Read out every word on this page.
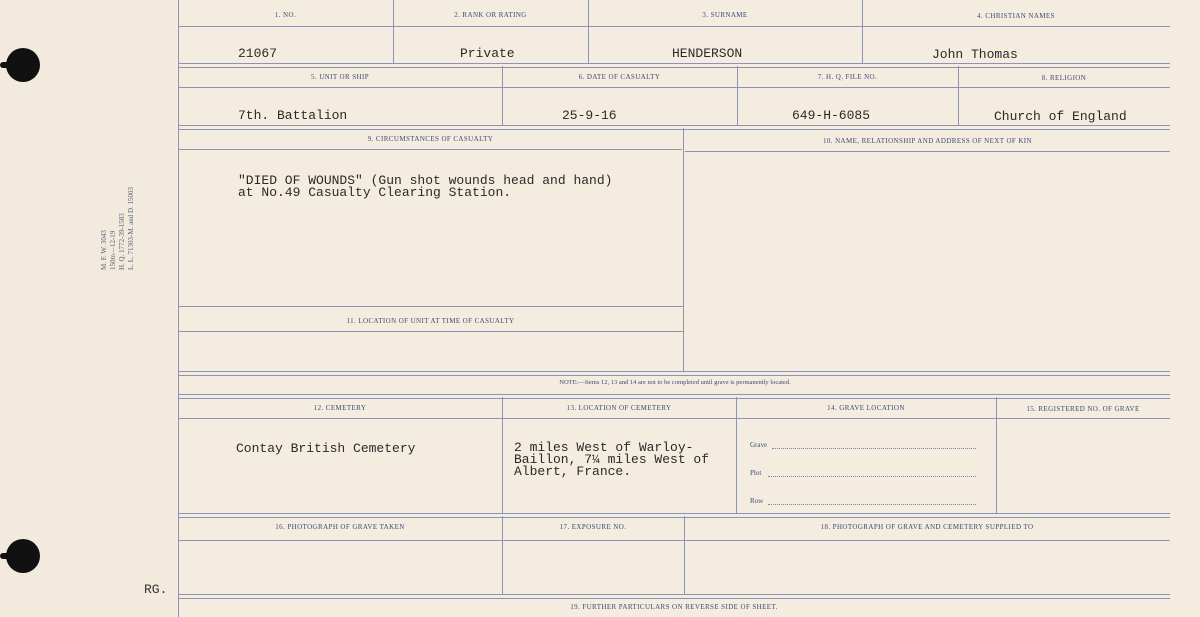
M. F. W. 3043 150m—12-19 H. Q. 1772-39-1583 L. L. 71303-M. and D. 15003
RG.
1. NO.	2. RANK OR RATING	3. SURNAME	4. CHRISTIAN NAMES
21067	Private	HENDERSON	John Thomas
5. UNIT OR SHIP	6. DATE OF CASUALTY	7. H. Q. FILE NO.	8. RELIGION
7th. Battalion	25-9-16	649-H-6085	Church of England
9. CIRCUMSTANCES OF CASUALTY	10. NAME, RELATIONSHIP AND ADDRESS OF NEXT OF KIN
"DIED OF WOUNDS" (Gun shot wounds head and hand)
at No.49 Casualty Clearing Station.
11. LOCATION OF UNIT AT TIME OF CASUALTY
NOTE:—Items 12, 13 and 14 are not to be completed until grave is permanently located.
12. CEMETERY	13. LOCATION OF CEMETERY	14. GRAVE LOCATION	15. REGISTERED NO. OF GRAVE
Contay British Cemetery	2 miles West of Warloy-
Baillon, 7¼ miles West of
Albert, France.
Grave
Plot
Row
16. PHOTOGRAPH OF GRAVE TAKEN	17. EXPOSURE NO.	18. PHOTOGRAPH OF GRAVE AND CEMETERY SUPPLIED TO
19. FURTHER PARTICULARS ON REVERSE SIDE OF SHEET.
